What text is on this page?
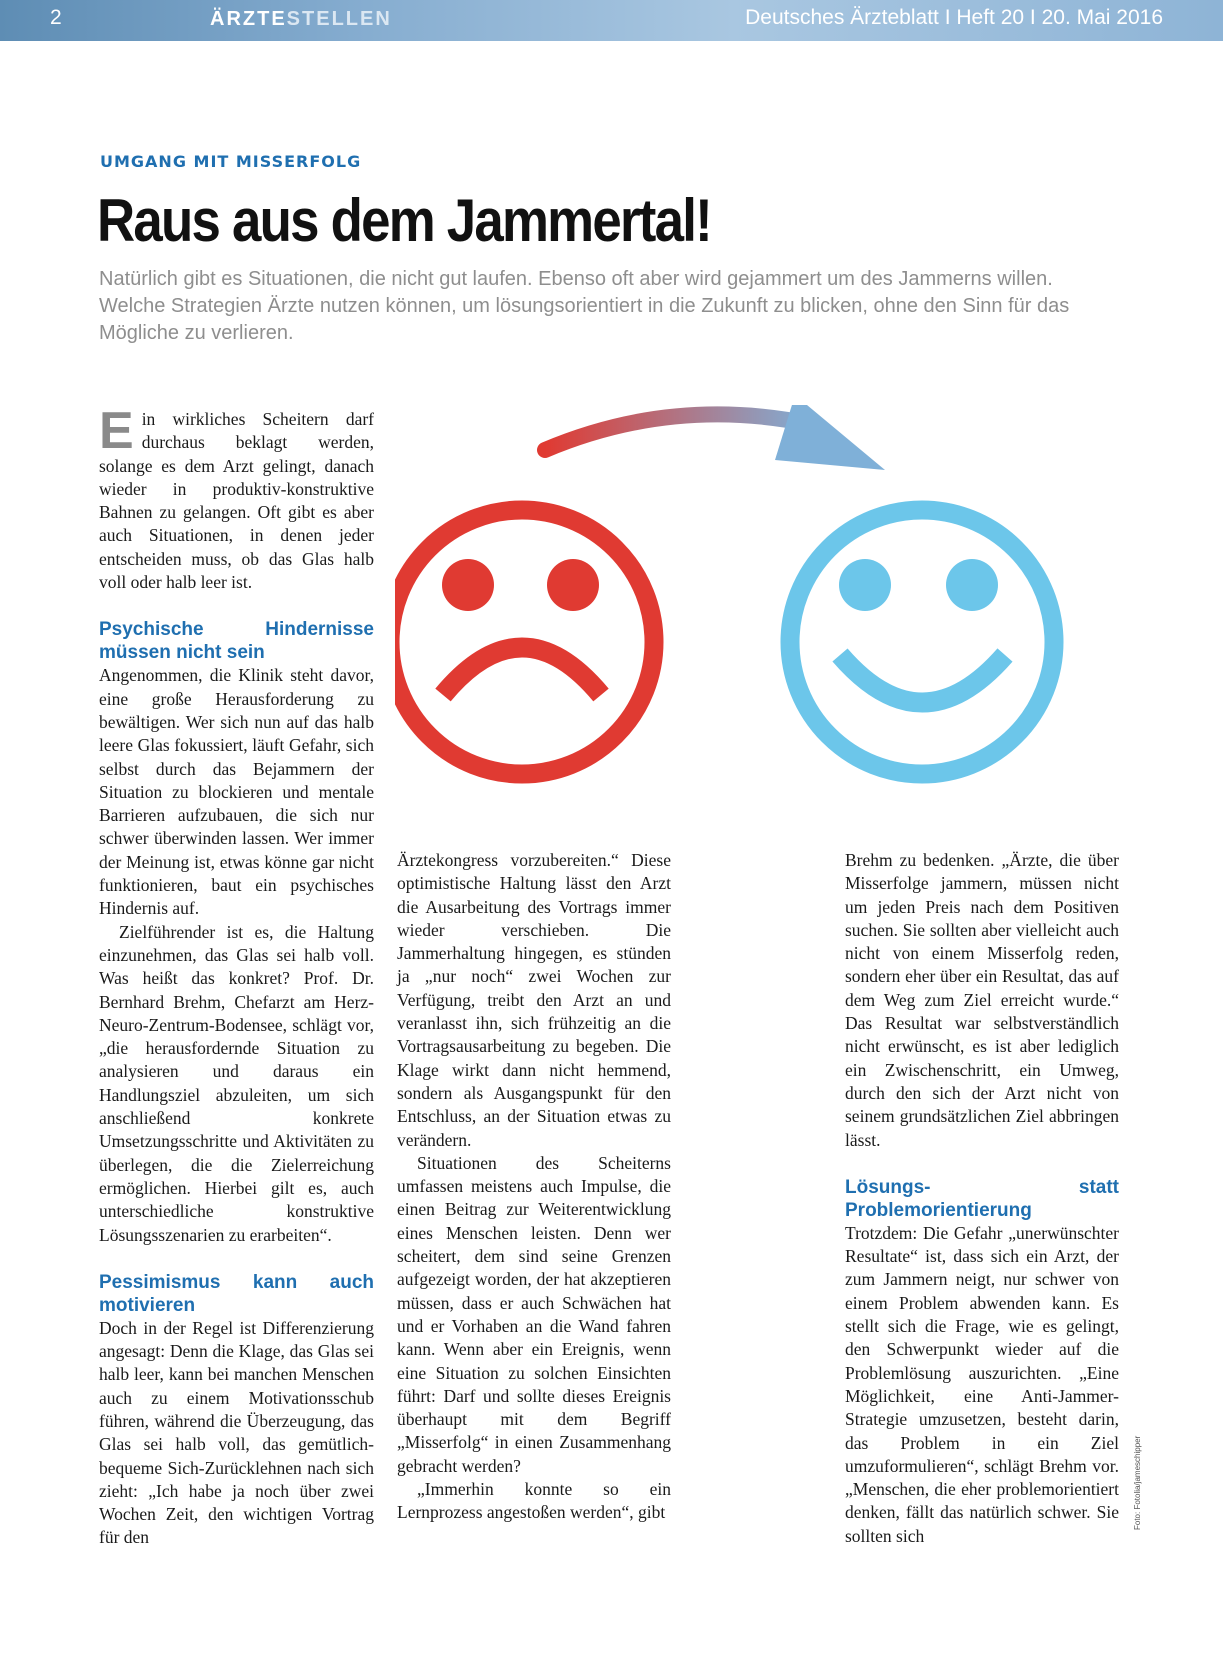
2	ÄRZTESTELLEN	Deutsches Ärzteblatt I Heft 20 I 20. Mai 2016
UMGANG MIT MISSERFOLG
Raus aus dem Jammertal!

Natürlich gibt es Situationen, die nicht gut laufen. Ebenso oft aber wird gejammert um des Jammerns willen. Welche Strategien Ärzte nutzen können, um lösungsorientiert in die Zukunft zu blicken, ohne den Sinn für das Mögliche zu verlieren.

Ein wirkliches Scheitern darf durchaus beklagt werden, solange es dem Arzt gelingt, danach wieder in produktiv-konstruktive Bahnen zu gelangen. Oft gibt es aber auch Situationen, in denen jeder entscheiden muss, ob das Glas halb voll oder halb leer ist.

Psychische Hindernisse müssen nicht sein

Angenommen, die Klinik steht davor, eine große Herausforderung zu bewältigen. Wer sich nun auf das halb leere Glas fokussiert, läuft Gefahr, sich selbst durch das Bejammern der Situation zu blockieren und mentale Barrieren aufzubauen, die sich nur schwer überwinden lassen. Wer immer der Meinung ist, etwas könne gar nicht funktionieren, baut ein psychisches Hindernis auf.

Zielführender ist es, die Haltung einzunehmen, das Glas sei halb voll. Was heißt das konkret? Prof. Dr. Bernhard Brehm, Chefarzt am Herz-Neuro-Zentrum-Bodensee, schlägt vor, „die herausfordernde Situation zu analysieren und daraus ein Handlungsziel abzuleiten, um sich anschließend konkrete Umsetzungsschritte und Aktivitäten zu überlegen, die die Zielerreichung ermöglichen. Hierbei gilt es, auch unterschiedliche konstruktive Lösungsszenarien zu erarbeiten“.

Pessimismus kann auch motivieren

Doch in der Regel ist Differenzierung angesagt: Denn die Klage, das Glas sei halb leer, kann bei manchen Menschen auch zu einem Motivationsschub führen, während die Überzeugung, das Glas sei halb voll, das gemütlich-bequeme Sich-Zurücklehnen nach sich zieht: „Ich habe ja noch über zwei Wochen Zeit, den wichtigen Vortrag für den

Ärztekongress vorzubereiten.“ Diese optimistische Haltung lässt den Arzt die Ausarbeitung des Vortrags immer wieder verschieben. Die Jammerhaltung hingegen, es stünden ja „nur noch“ zwei Wochen zur Verfügung, treibt den Arzt an und veranlasst ihn, sich frühzeitig an die Vortragsausarbeitung zu begeben. Die Klage wirkt dann nicht hemmend, sondern als Ausgangspunkt für den Entschluss, an der Situation etwas zu verändern.

Situationen des Scheiterns umfassen meistens auch Impulse, die einen Beitrag zur Weiterentwicklung eines Menschen leisten. Denn wer scheitert, dem sind seine Grenzen aufgezeigt worden, der hat akzeptieren müssen, dass er auch Schwächen hat und er Vorhaben an die Wand fahren kann. Wenn aber ein Ereignis, wenn eine Situation zu solchen Einsichten führt: Darf und sollte dieses Ereignis überhaupt mit dem Begriff „Misserfolg“ in einen Zusammenhang gebracht werden?

„Immerhin konnte so ein Lernprozess angestoßen werden“, gibt

Brehm zu bedenken. „Ärzte, die über Misserfolge jammern, müssen nicht um jeden Preis nach dem Positiven suchen. Sie sollten aber vielleicht auch nicht von einem Misserfolg reden, sondern eher über ein Resultat, das auf dem Weg zum Ziel erreicht wurde.“ Das Resultat war selbstverständlich nicht erwünscht, es ist aber lediglich ein Zwischenschritt, ein Umweg, durch den sich der Arzt nicht von seinem grundsätzlichen Ziel abbringen lässt.

Lösungs- statt Problemorientierung

Trotzdem: Die Gefahr „unerwünschter Resultate“ ist, dass sich ein Arzt, der zum Jammern neigt, nur schwer von einem Problem abwenden kann. Es stellt sich die Frage, wie es gelingt, den Schwerpunkt wieder auf die Problemlösung auszurichten. „Eine Möglichkeit, eine Anti-Jammer-Strategie umzusetzen, besteht darin, das Problem in ein Ziel umzuformulieren“, schlägt Brehm vor. „Menschen, die eher problemorientiert denken, fällt das natürlich schwer. Sie sollten sich

Foto: Fotolia/jameschipper
